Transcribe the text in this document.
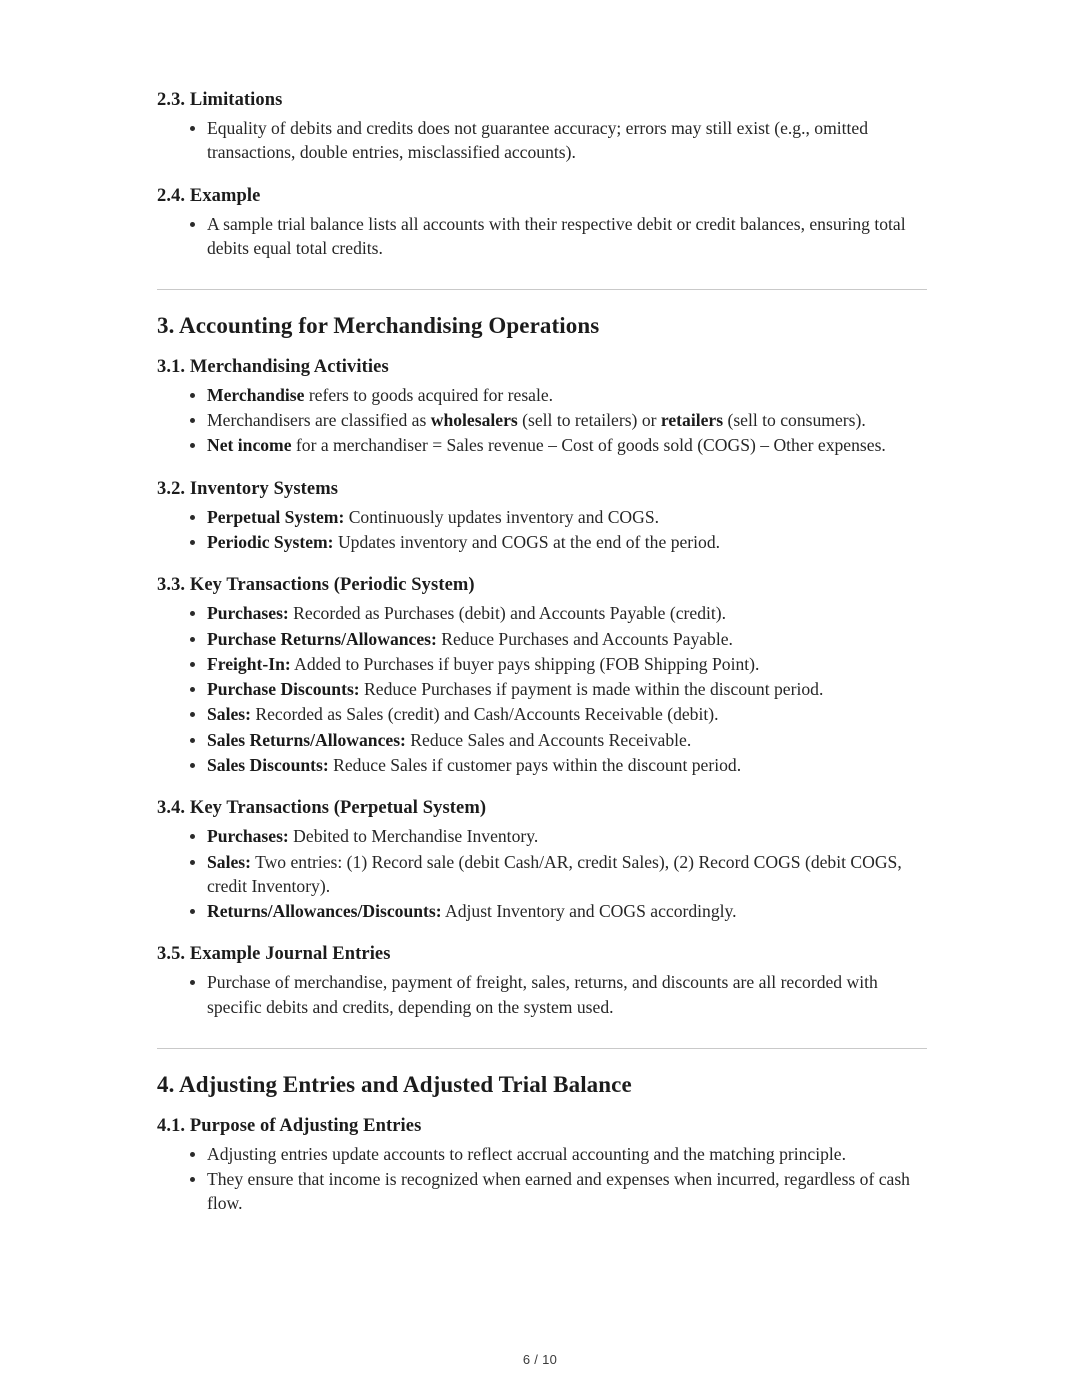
2.3. Limitations
Equality of debits and credits does not guarantee accuracy; errors may still exist (e.g., omitted transactions, double entries, misclassified accounts).
2.4. Example
A sample trial balance lists all accounts with their respective debit or credit balances, ensuring total debits equal total credits.
3. Accounting for Merchandising Operations
3.1. Merchandising Activities
Merchandise refers to goods acquired for resale.
Merchandisers are classified as wholesalers (sell to retailers) or retailers (sell to consumers).
Net income for a merchandiser = Sales revenue – Cost of goods sold (COGS) – Other expenses.
3.2. Inventory Systems
Perpetual System: Continuously updates inventory and COGS.
Periodic System: Updates inventory and COGS at the end of the period.
3.3. Key Transactions (Periodic System)
Purchases: Recorded as Purchases (debit) and Accounts Payable (credit).
Purchase Returns/Allowances: Reduce Purchases and Accounts Payable.
Freight-In: Added to Purchases if buyer pays shipping (FOB Shipping Point).
Purchase Discounts: Reduce Purchases if payment is made within the discount period.
Sales: Recorded as Sales (credit) and Cash/Accounts Receivable (debit).
Sales Returns/Allowances: Reduce Sales and Accounts Receivable.
Sales Discounts: Reduce Sales if customer pays within the discount period.
3.4. Key Transactions (Perpetual System)
Purchases: Debited to Merchandise Inventory.
Sales: Two entries: (1) Record sale (debit Cash/AR, credit Sales), (2) Record COGS (debit COGS, credit Inventory).
Returns/Allowances/Discounts: Adjust Inventory and COGS accordingly.
3.5. Example Journal Entries
Purchase of merchandise, payment of freight, sales, returns, and discounts are all recorded with specific debits and credits, depending on the system used.
4. Adjusting Entries and Adjusted Trial Balance
4.1. Purpose of Adjusting Entries
Adjusting entries update accounts to reflect accrual accounting and the matching principle.
They ensure that income is recognized when earned and expenses when incurred, regardless of cash flow.
6 / 10
